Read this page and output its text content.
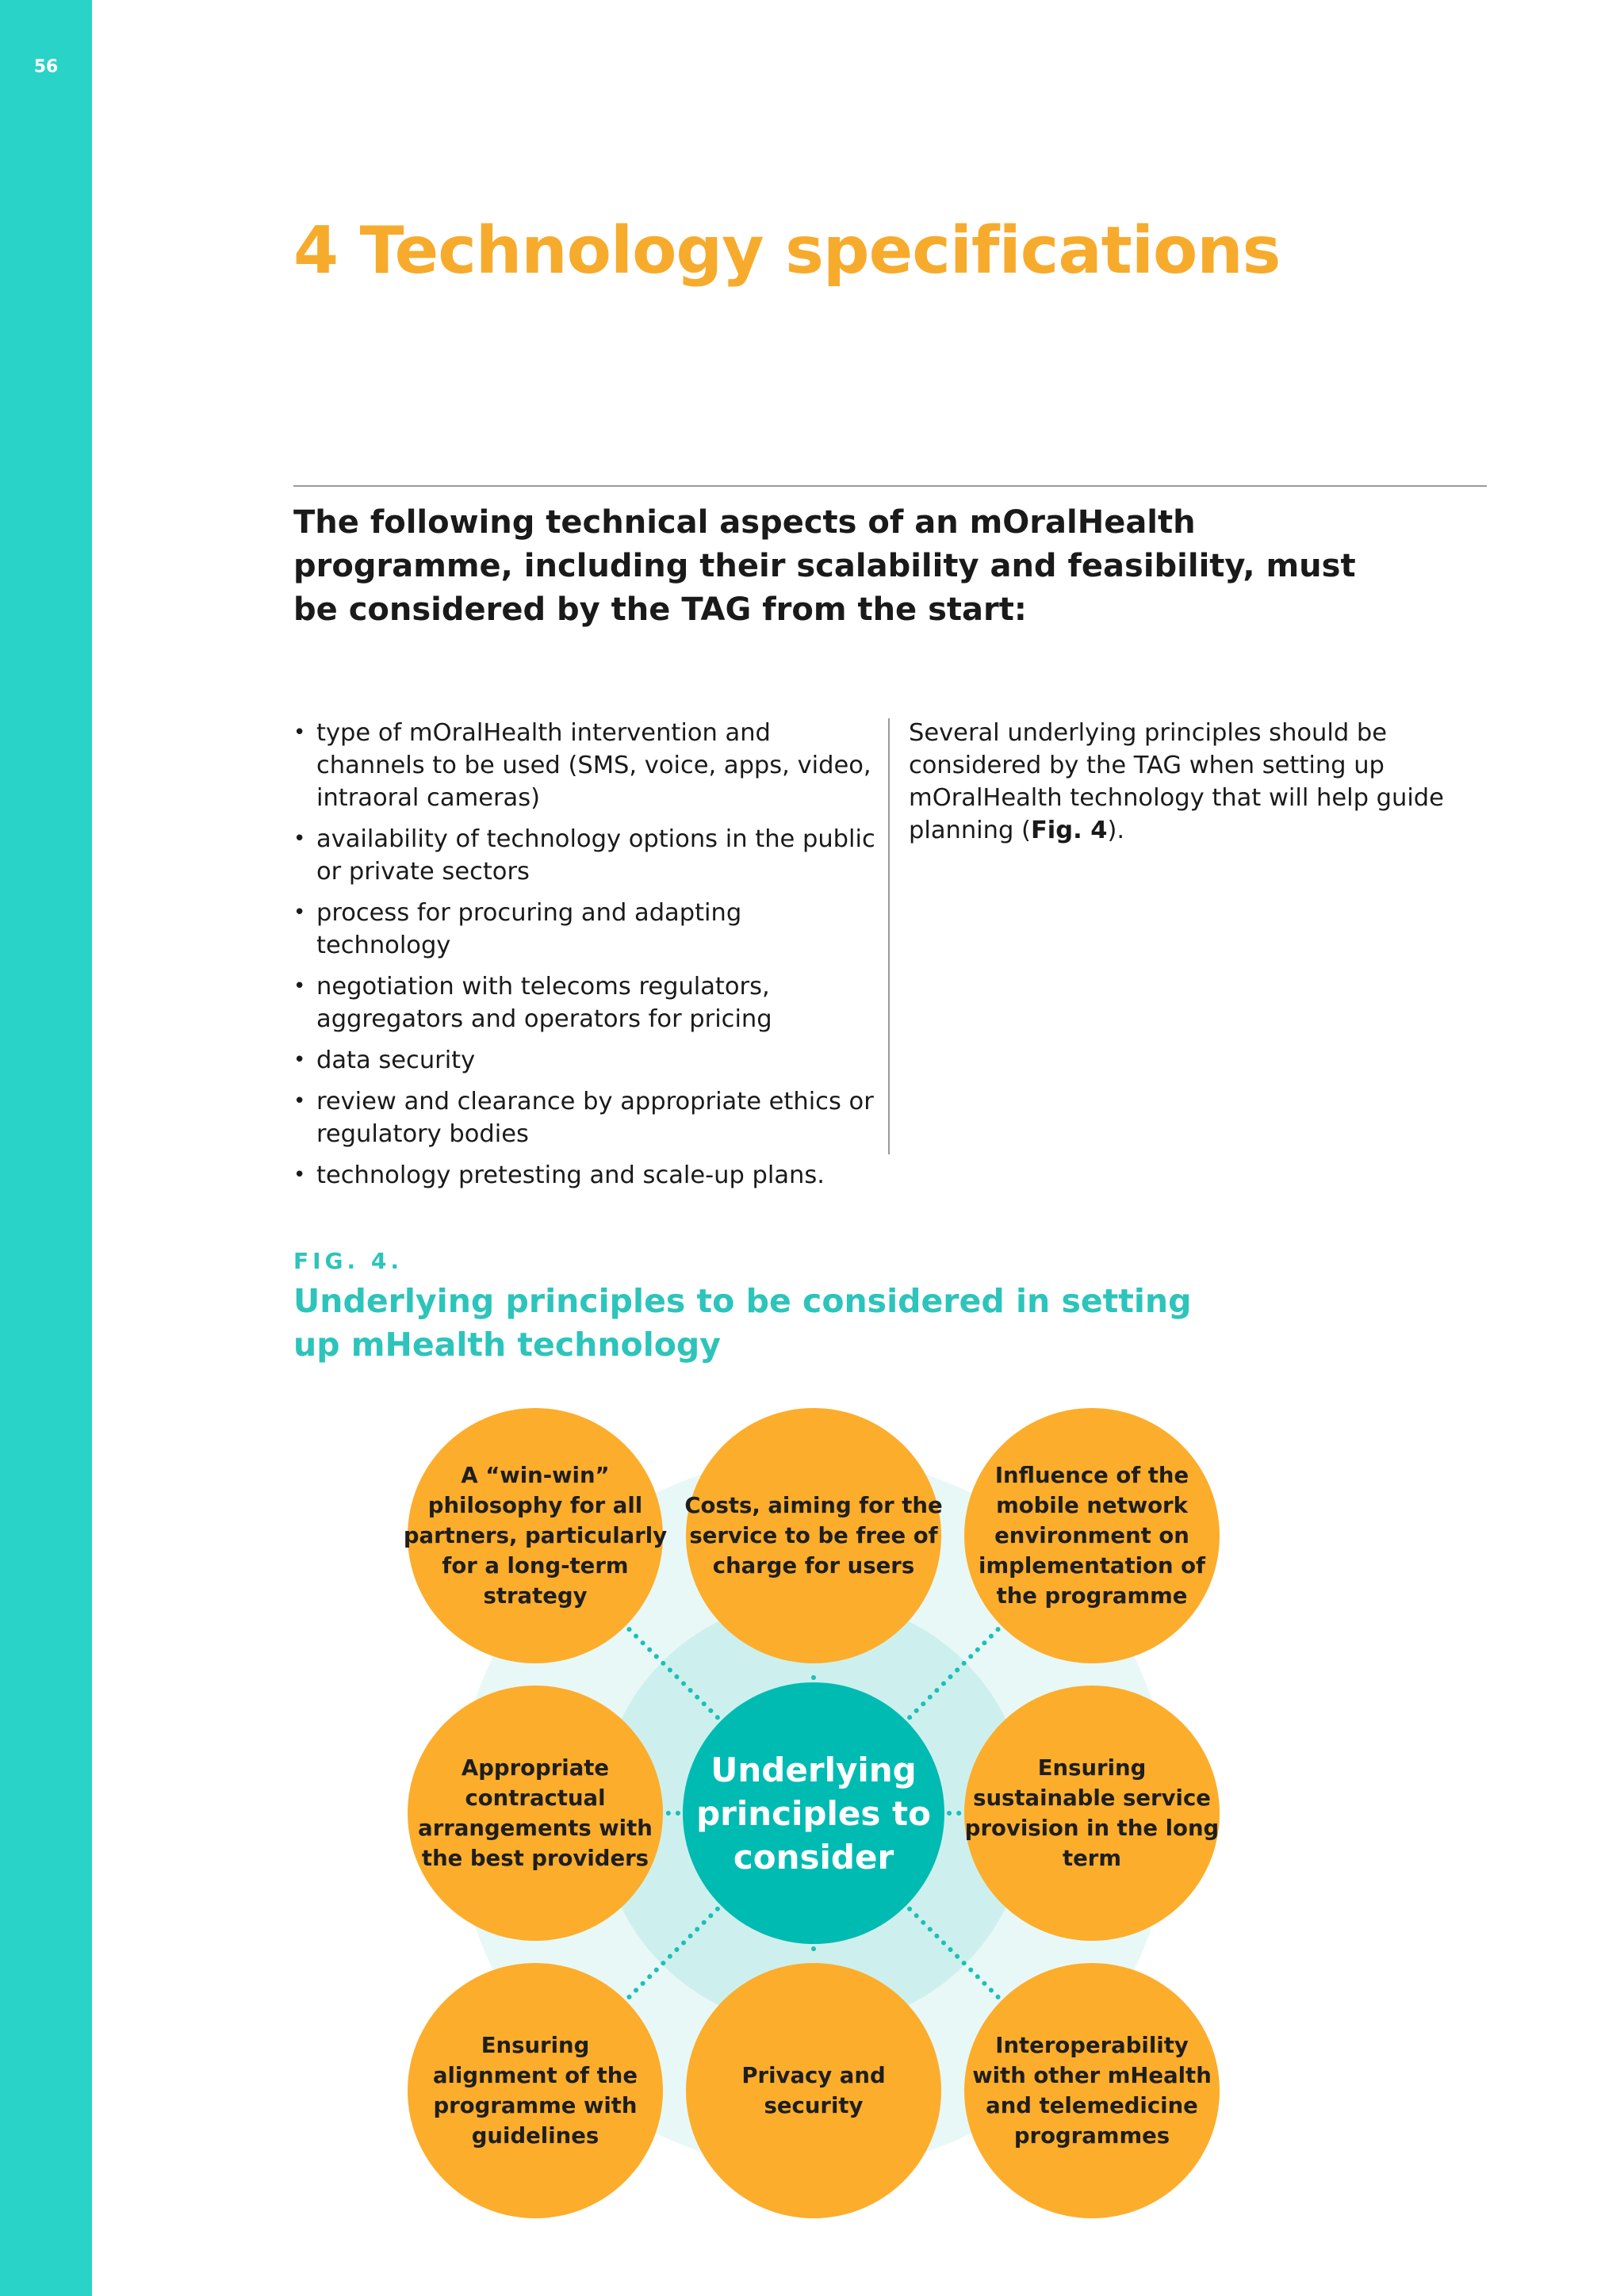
56
4 Technology specifications

The following technical aspects of an mOralHealth programme, including their scalability and feasibility, must be considered by the TAG from the start:

• type of mOralHealth intervention and channels to be used (SMS, voice, apps, video, intraoral cameras)
• availability of technology options in the public or private sectors
• process for procuring and adapting technology
• negotiation with telecoms regulators, aggregators and operators for pricing
• data security
• review and clearance by appropriate ethics or regulatory bodies
• technology pretesting and scale-up plans.

Several underlying principles should be considered by the TAG when setting up mOralHealth technology that will help guide planning (Fig. 4).

FIG. 4.
Underlying principles to be considered in setting up mHealth technology
A “win-win” philosophy for all partners, particularly for a long-term strategy
Costs, aiming for the service to be free of charge for users
Influence of the mobile network environment on implementation of the programme
Appropriate contractual arrangements with the best providers
Ensuring sustainable service provision in the long term
Ensuring alignment of the programme with guidelines
Privacy and security
Interoperability with other mHealth and telemedicine programmes
Underlying principles to consider
